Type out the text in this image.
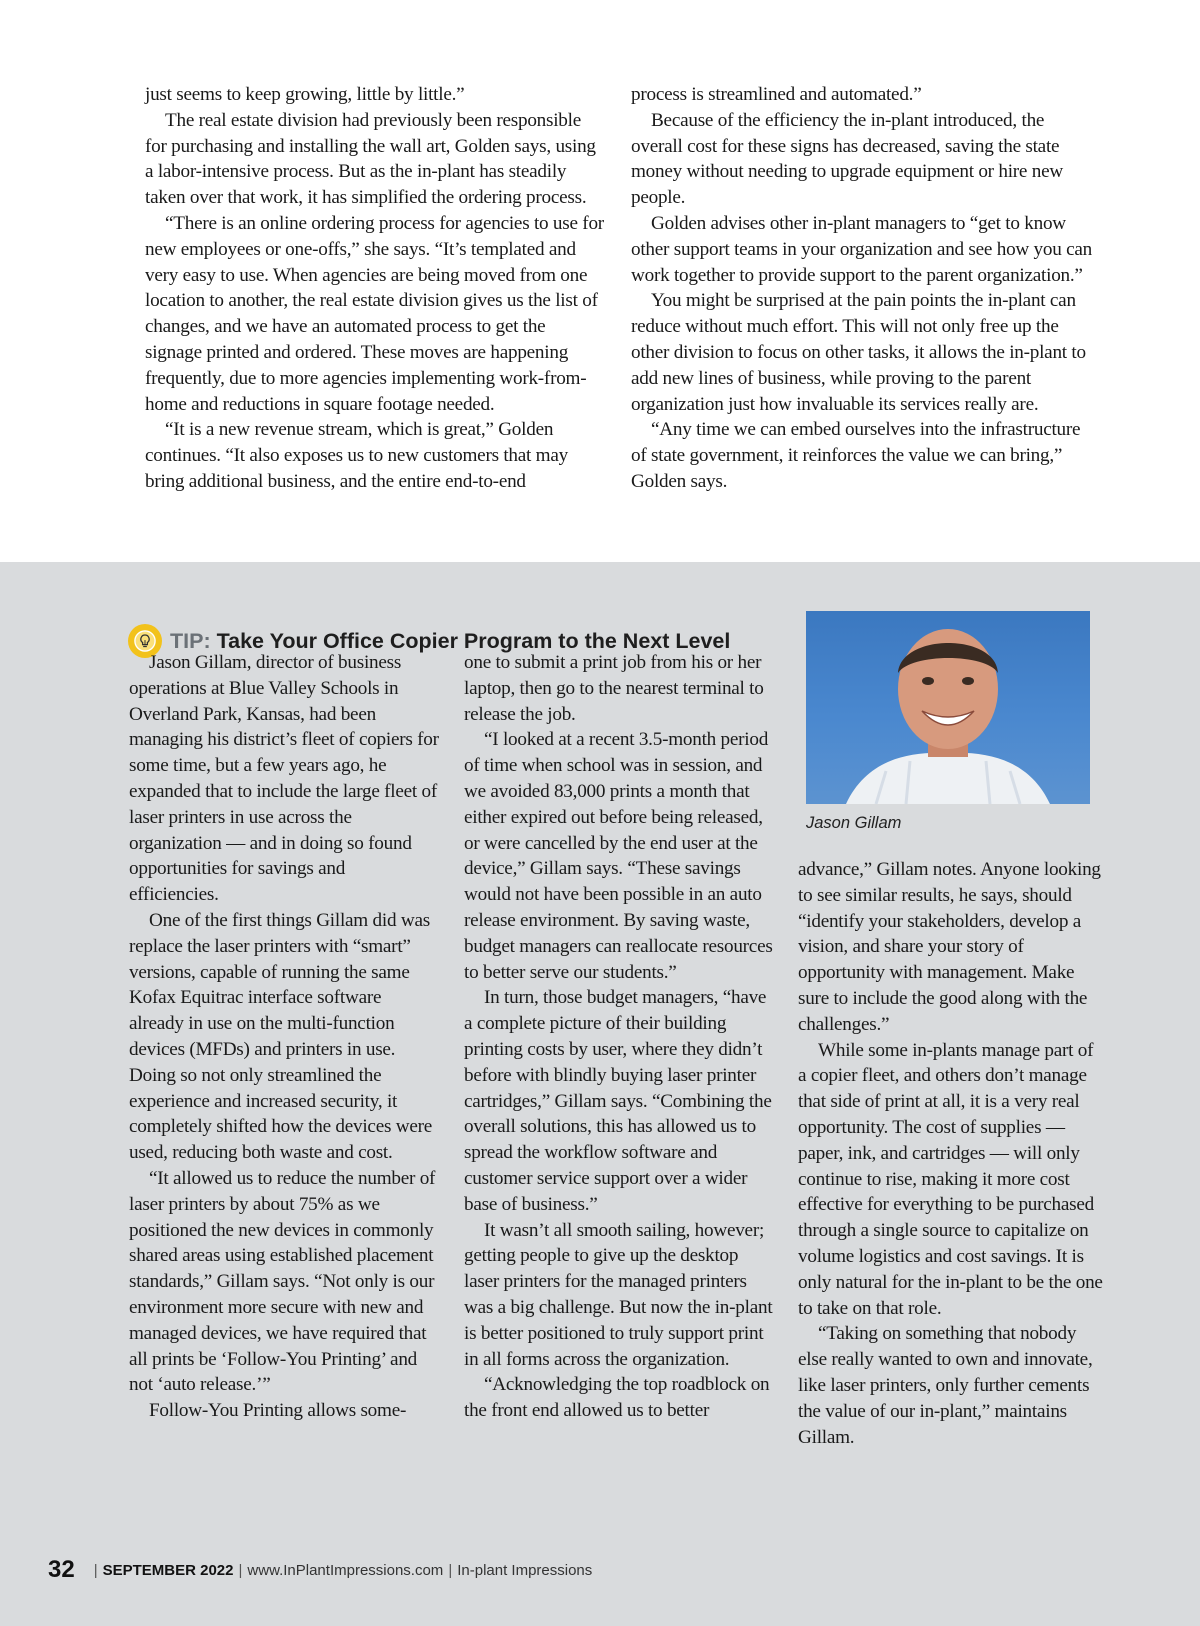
just seems to keep growing, little by little.”

The real estate division had previously been responsible for purchasing and installing the wall art, Golden says, using a labor-intensive process. But as the in-plant has steadily taken over that work, it has simplified the ordering process.

“There is an online ordering process for agencies to use for new employees or one-offs,” she says. “It’s templated and very easy to use. When agencies are being moved from one location to another, the real estate division gives us the list of changes, and we have an automated process to get the signage printed and ordered. These moves are happening frequently, due to more agencies implementing work-from-home and reductions in square footage needed.

“It is a new revenue stream, which is great,” Golden continues. “It also exposes us to new customers that may bring additional business, and the entire end-to-end

process is streamlined and automated.”

Because of the efficiency the in-plant introduced, the overall cost for these signs has decreased, saving the state money without needing to upgrade equipment or hire new people.

Golden advises other in-plant managers to “get to know other support teams in your organization and see how you can work together to provide support to the parent organization.”

You might be surprised at the pain points the in-plant can reduce without much effort. This will not only free up the other division to focus on other tasks, it allows the in-plant to add new lines of business, while proving to the parent organization just how invaluable its services really are.

“Any time we can embed ourselves into the infrastructure of state government, it reinforces the value we can bring,” Golden says.

TIP: Take Your Office Copier Program to the Next Level

Jason Gillam, director of business operations at Blue Valley Schools in Overland Park, Kansas, had been managing his district’s fleet of copiers for some time, but a few years ago, he expanded that to include the large fleet of laser printers in use across the organization — and in doing so found opportunities for savings and efficiencies.

One of the first things Gillam did was replace the laser printers with “smart” versions, capable of running the same Kofax Equitrac interface software already in use on the multi-function devices (MFDs) and printers in use. Doing so not only streamlined the experience and increased security, it completely shifted how the devices were used, reducing both waste and cost.

“It allowed us to reduce the number of laser printers by about 75% as we positioned the new devices in commonly shared areas using established placement standards,” Gillam says. “Not only is our environment more secure with new and managed devices, we have required that all prints be ‘Follow-You Printing’ and not ‘auto release.’”

Follow-You Printing allows some-

one to submit a print job from his or her laptop, then go to the nearest terminal to release the job.

“I looked at a recent 3.5-month period of time when school was in session, and we avoided 83,000 prints a month that either expired out before being released, or were cancelled by the end user at the device,” Gillam says. “These savings would not have been possible in an auto release environment. By saving waste, budget managers can reallocate resources to better serve our students.”

In turn, those budget managers, “have a complete picture of their building printing costs by user, where they didn’t before with blindly buying laser printer cartridges,” Gillam says. “Combining the overall solutions, this has allowed us to spread the workflow software and customer service support over a wider base of business.”

It wasn’t all smooth sailing, however; getting people to give up the desktop laser printers for the managed printers was a big challenge. But now the in-plant is better positioned to truly support print in all forms across the organization.

“Acknowledging the top roadblock on the front end allowed us to better

Jason Gillam

advance,” Gillam notes. Anyone looking to see similar results, he says, should “identify your stakeholders, develop a vision, and share your story of opportunity with management. Make sure to include the good along with the challenges.”

While some in-plants manage part of a copier fleet, and others don’t manage that side of print at all, it is a very real opportunity. The cost of supplies — paper, ink, and cartridges — will only continue to rise, making it more cost effective for everything to be purchased through a single source to capitalize on volume logistics and cost savings. It is only natural for the in-plant to be the one to take on that role.

“Taking on something that nobody else really wanted to own and innovate, like laser printers, only further cements the value of our in-plant,” maintains Gillam.

32 | SEPTEMBER 2022 | www.InPlantImpressions.com | In-plant Impressions
